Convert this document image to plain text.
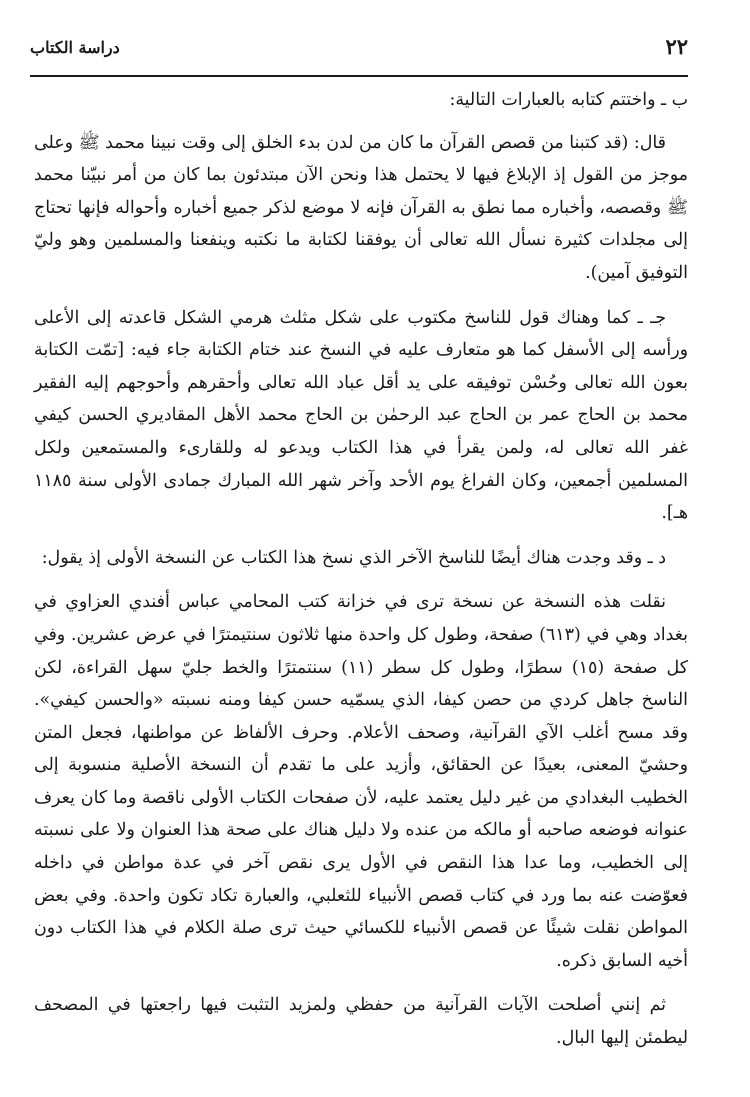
٢٢
دراسة الكتاب

ب ـ واختتم كتابه بالعبارات التالية:

قال: (قد كتبنا من قصص القرآن ما كان من لدن بدء الخلق إلى وقت نبينا محمد ﷺ وعلى موجز من القول إذ الإبلاغ فيها لا يحتمل هذا ونحن الآن مبتدئون بما كان من أمر نبيّنا محمد ﷺ وقصصه، وأخباره مما نطق به القرآن فإنه لا موضع لذكر جميع أخباره وأحواله فإنها تحتاج إلى مجلدات كثيرة نسأل الله تعالى أن يوفقنا لكتابة ما نكتبه وينفعنا والمسلمين وهو وليّ التوفيق آمين).

جـ ـ كما وهناك قول للناسخ مكتوب على شكل مثلث هرمي الشكل قاعدته إلى الأعلى ورأسه إلى الأسفل كما هو متعارف عليه في النسخ عند ختام الكتابة جاء فيه: [تمّت الكتابة بعون الله تعالى وحُسْن توفيقه على يد أقل عباد الله تعالى وأحقرهم وأحوجهم إليه الفقير محمد بن الحاج عمر بن الحاج عبد الرحمٰن بن الحاج محمد الأهل المقاديري الحسن كيفي غفر الله تعالى له، ولمن يقرأ في هذا الكتاب ويدعو له وللقارىء والمستمعين ولكل المسلمين أجمعين، وكان الفراغ يوم الأحد وآخر شهر الله المبارك جمادى الأولى سنة ١١٨٥ هـ].

د ـ وقد وجدت هناك أيضًا للناسخ الآخر الذي نسخ هذا الكتاب عن النسخة الأولى إذ يقول:

نقلت هذه النسخة عن نسخة ترى في خزانة كتب المحامي عباس أفندي العزاوي في بغداد وهي في (٦١٣) صفحة، وطول كل واحدة منها ثلاثون سنتيمترًا في عرض عشرين. وفي كل صفحة (١٥) سطرًا، وطول كل سطر (١١) سنتمترًا والخط جليّ سهل القراءة، لكن الناسخ جاهل كردي من حصن كيفا، الذي يسمّيه حسن كيفا ومنه نسبته «والحسن كيفي». وقد مسح أغلب الآي القرآنية، وصحف الأعلام. وحرف الألفاظ عن مواطنها، فجعل المتن وحشيّ المعنى، بعيدًا عن الحقائق، وأزيد على ما تقدم أن النسخة الأصلية منسوبة إلى الخطيب البغدادي من غير دليل يعتمد عليه، لأن صفحات الكتاب الأولى ناقصة وما كان يعرف عنوانه فوضعه صاحبه أو مالكه من عنده ولا دليل هناك على صحة هذا العنوان ولا على نسبته إلى الخطيب، وما عدا هذا النقص في الأول يرى نقص آخر في عدة مواطن في داخله فعوّضت عنه بما ورد في كتاب قصص الأنبياء للثعلبي، والعبارة تكاد تكون واحدة. وفي بعض المواطن نقلت شيئًا عن قصص الأنبياء للكسائي حيث ترى صلة الكلام في هذا الكتاب دون أخيه السابق ذكره.

ثم إنني أصلحت الآيات القرآنية من حفظي ولمزيد التثبت فيها راجعتها في المصحف ليطمئن إليها البال.
